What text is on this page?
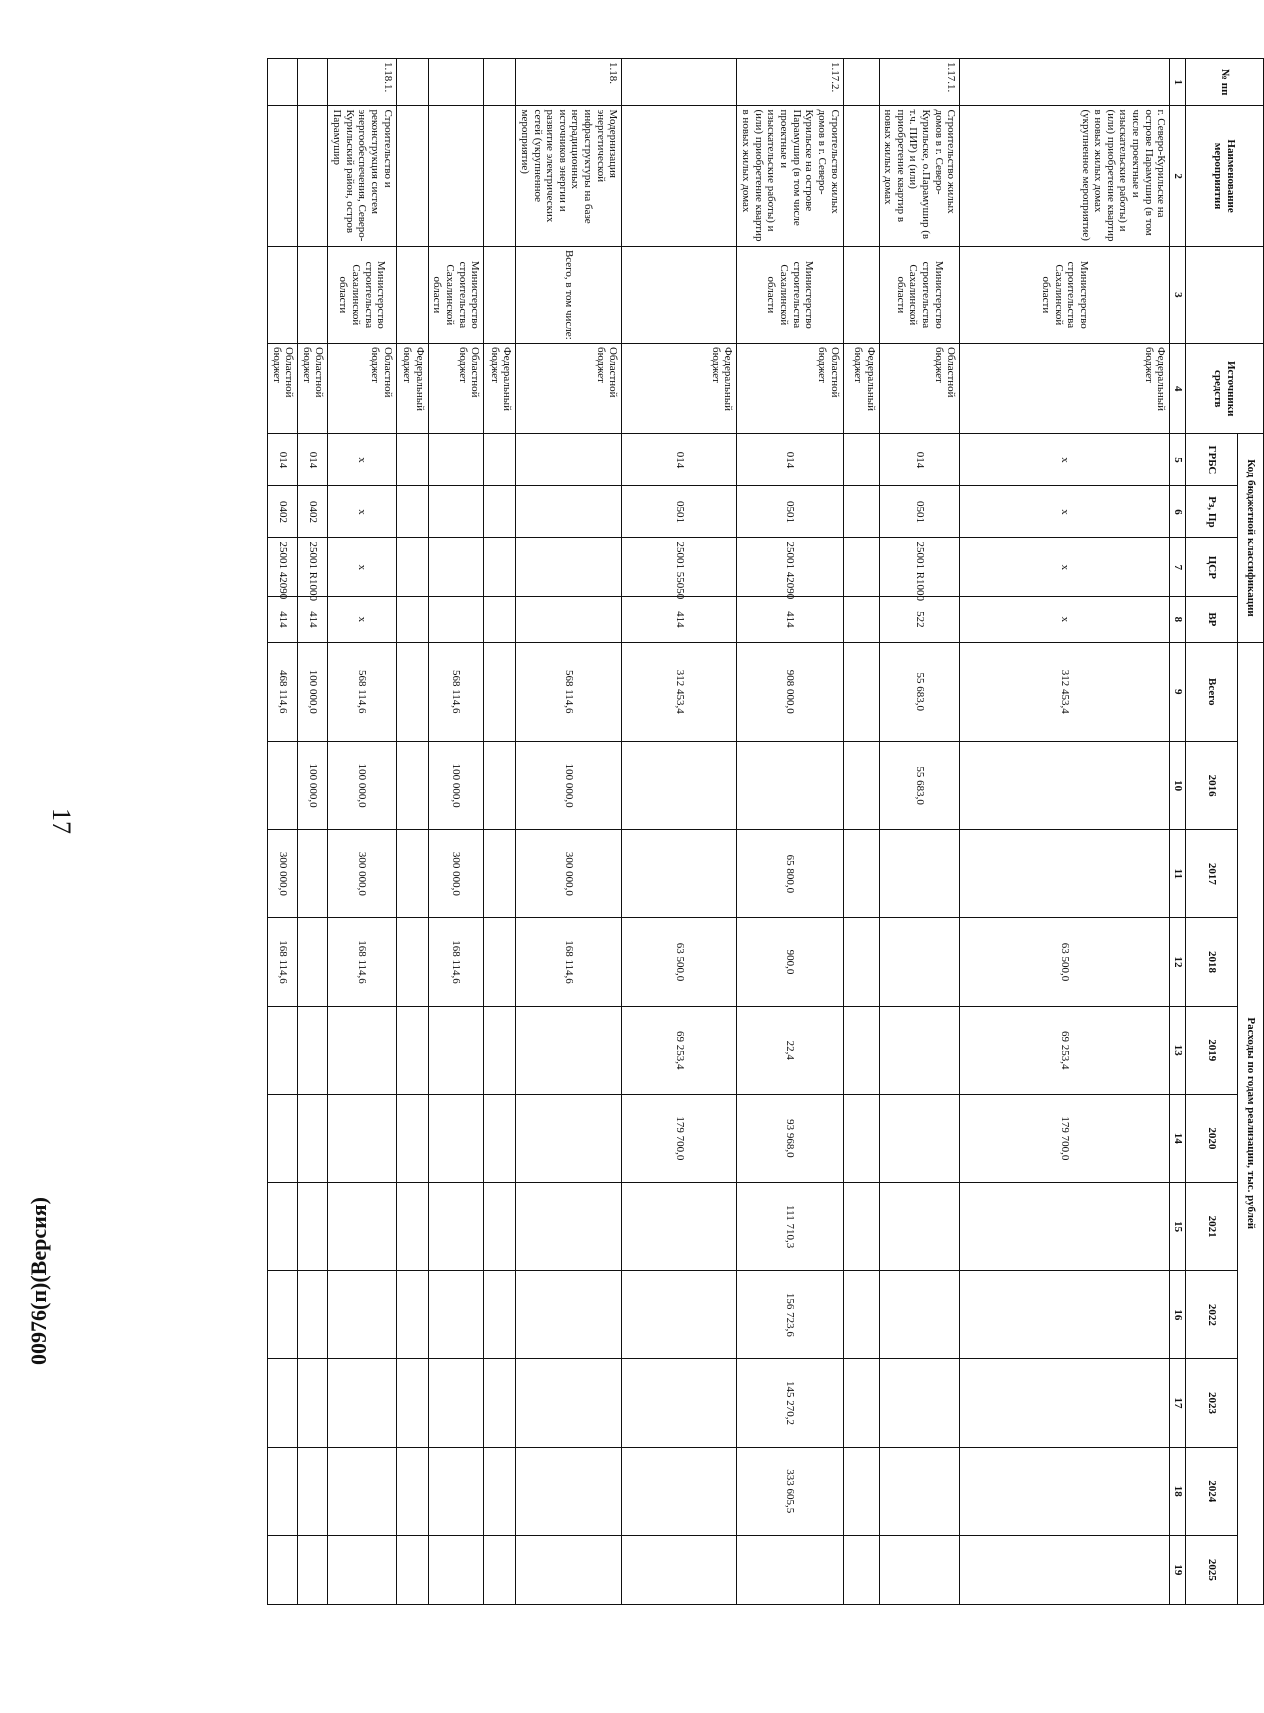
17
00976(п)(Версия)
№ пп	Наименование мероприятия		Источники средств	Код бюджетной классификации				Расходы по годам реализации, тыс. рублей										
				ГРБС	Рз, Пр	ЦСР	ВР	Всего	2016	2017	2018	2019	2020	2021	2022	2023	2024	2025
1	2	3	4	5	6	7	8	9	10	11	12	13	14	15	16	17	18	19
	г. Северо-Курильске на острове Парамушир (в том числе проектные и изыскательские работы) и (или) приобретение квартир в новых жилых домах (укрупненное мероприятие)	Министерство строительства Сахалинской области	Федеральный бюджет	x	x	x	x	312 453,4			63 500,0	69 253,4	179 700,0					
1.17.1.	Строительство жилых домов в г. Северо-Курильске, о.Парамушир (в т.ч. ПИР) и (или) приобретение квартир в новых жилых домах	Министерство строительства Сахалинской области	Областной бюджет	014	0501	25001 R1000	522	55 683,0	55 683,0									
			Федеральный бюджет															
1.17.2.	Строительство жилых домов в г. Северо-Курильске на острове Парамушир (в том числе проектные и изыскательские работы) и (или) приобретение квартир в новых жилых домах	Министерство строительства Сахалинской области	Областной бюджет	014	0501	25001 42090	414	908 000,0		65 800,0	900,0	22,4	93 968,0	111 710,3	156 723,6	145 270,2	333 605,5	
			Федеральный бюджет	014	0501	25001 55050	414	312 453,4			63 500,0	69 253,4	179 700,0					
1.18.	Модернизация энергетической инфраструктуры на базе нетрадиционных источников энергии и развитие электрических сетей (укрупненное мероприятие)	Всего, в том числе:	Областной бюджет					568 114,6	100 000,0	300 000,0	168 114,6							
			Федеральный бюджет															
		Министерство строительства Сахалинской области	Областной бюджет					568 114,6	100 000,0	300 000,0	168 114,6							
			Федеральный бюджет															
1.18.1.	Строительство и реконструкция систем энергообеспечения, Северо-Курильский район, остров Парамушир	Министерство строительства Сахалинской области	Областной бюджет	x	x	x	x	568 114,6	100 000,0	300 000,0	168 114,6							
			Областной бюджет	014	0402	25001 R1000	414	100 000,0	100 000,0									
			Областной бюджет	014	0402	25001 42090	414	468 114,6		300 000,0	168 114,6							
